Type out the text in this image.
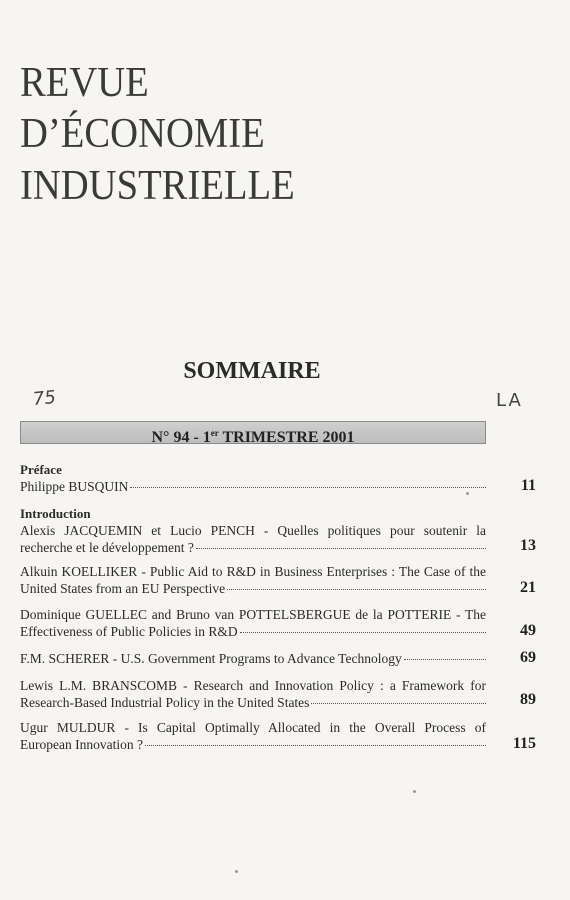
REVUE
D’ÉCONOMIE
INDUSTRIELLE
SOMMAIRE
75	LA
N° 94 - 1er TRIMESTRE 2001
Préface
Philippe BUSQUIN	11
Introduction
Alexis JACQUEMIN et Lucio PENCH - Quelles politiques pour soutenir la
recherche et le développement ?	13
Alkuin KOELLIKER - Public Aid to R&D in Business Enterprises : The Case of the
United States from an EU Perspective	21
Dominique GUELLEC and Bruno van POTTELSBERGUE de la POTTERIE - The
Effectiveness of Public Policies in R&D	49
F.M. SCHERER - U.S. Government Programs to Advance Technology	69
Lewis L.M. BRANSCOMB - Research and Innovation Policy : a Framework for
Research-Based Industrial Policy in the United States	89
Ugur MULDUR - Is Capital Optimally Allocated in the Overall Process of
European Innovation ?	115
